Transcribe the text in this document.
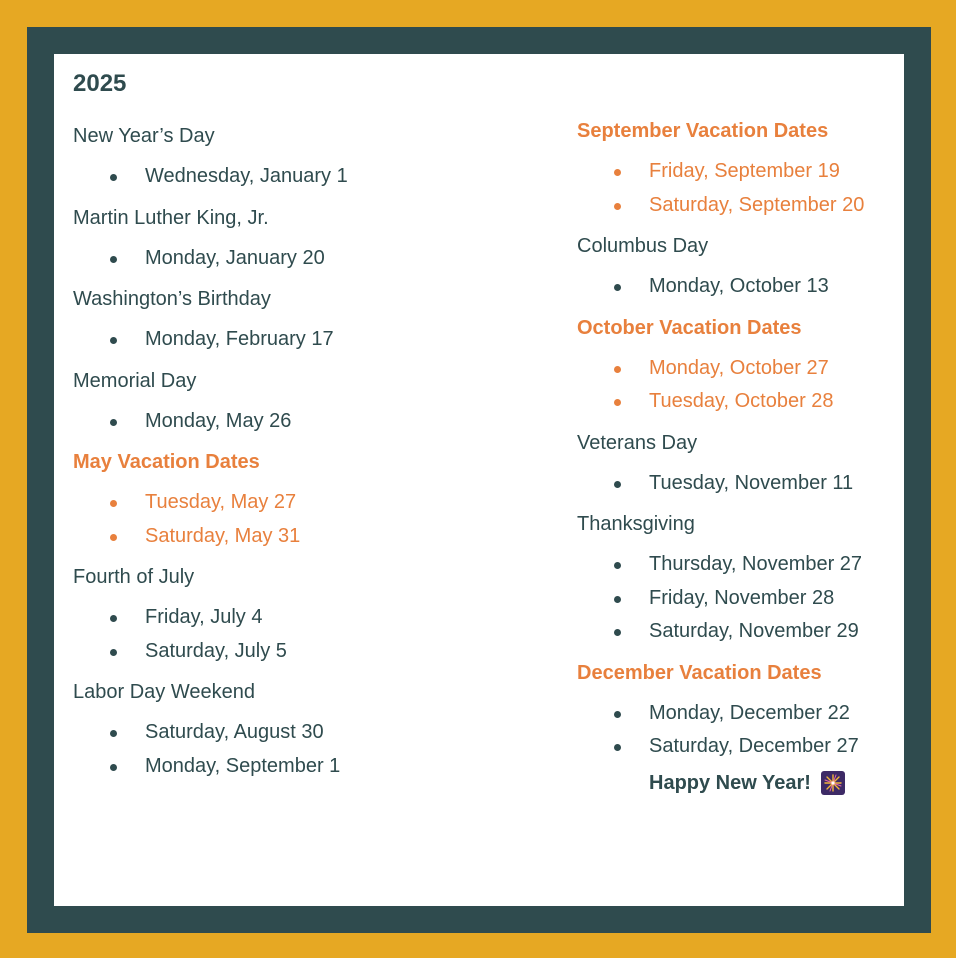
2025

New Year’s Day

Wednesday, January 1

Martin Luther King, Jr.

Monday, January 20

Washington’s Birthday

Monday, February 17

Memorial Day

Monday, May 26

May Vacation Dates

Tuesday, May 27
Saturday, May 31

Fourth of July

Friday, July 4
Saturday, July 5

Labor Day Weekend

Saturday, August 30
Monday, September 1

September Vacation Dates

Friday, September 19
Saturday, September 20

Columbus Day

Monday, October 13

October Vacation Dates

Monday, October 27
Tuesday, October 28

Veterans Day

Tuesday, November 11

Thanksgiving

Thursday, November 27
Friday, November 28
Saturday, November 29

December Vacation Dates

Monday, December 22
Saturday, December 27
Happy New Year!
